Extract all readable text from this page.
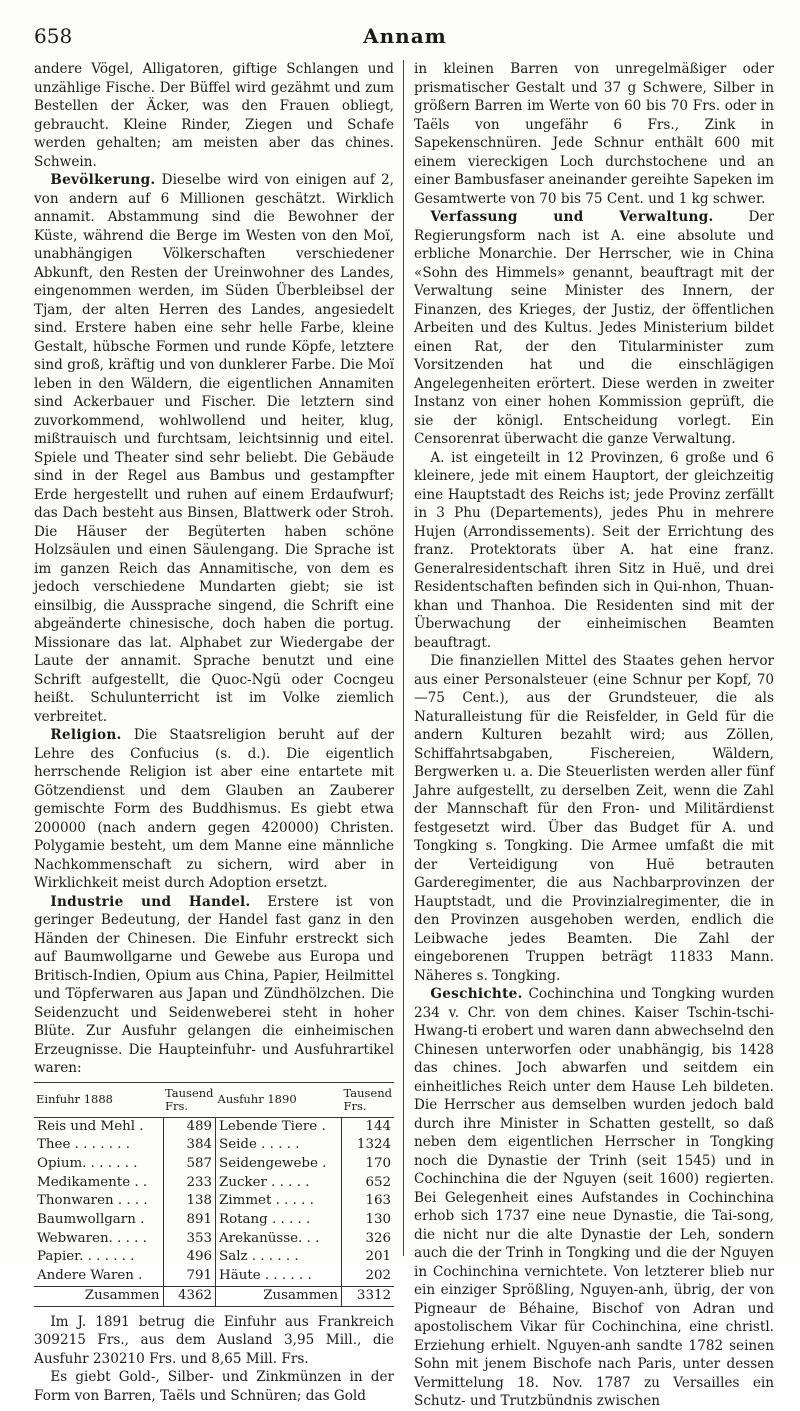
658	Annam

andere Vögel, Alligatoren, giftige Schlangen und unzählige Fische. Der Büffel wird gezähmt und zum Bestellen der Äcker, was den Frauen obliegt, gebraucht. Kleine Rinder, Ziegen und Schafe werden gehalten; am meisten aber das chines. Schwein.

Bevölkerung. Dieselbe wird von einigen auf 2, von andern auf 6 Millionen geschätzt. Wirklich annamit. Abstammung sind die Bewohner der Küste, während die Berge im Westen von den Moï, unabhängigen Völkerschaften verschiedener Abkunft, den Resten der Ureinwohner des Landes, eingenommen werden, im Süden Überbleibsel der Tjam, der alten Herren des Landes, angesiedelt sind. Erstere haben eine sehr helle Farbe, kleine Gestalt, hübsche Formen und runde Köpfe, letztere sind groß, kräftig und von dunklerer Farbe. Die Moï leben in den Wäldern, die eigentlichen Annamiten sind Ackerbauer und Fischer. Die letztern sind zuvorkommend, wohlwollend und heiter, klug, mißtrauisch und furchtsam, leichtsinnig und eitel. Spiele und Theater sind sehr beliebt. Die Gebäude sind in der Regel aus Bambus und gestampfter Erde hergestellt und ruhen auf einem Erdaufwurf; das Dach besteht aus Binsen, Blattwerk oder Stroh. Die Häuser der Begüterten haben schöne Holzsäulen und einen Säulengang. Die Sprache ist im ganzen Reich das Annamitische, von dem es jedoch verschiedene Mundarten giebt; sie ist einsilbig, die Aussprache singend, die Schrift eine abgeänderte chinesische, doch haben die portug. Missionare das lat. Alphabet zur Wiedergabe der Laute der annamit. Sprache benutzt und eine Schrift aufgestellt, die Quoc-Ngü oder Cocngeu heißt. Schulunterricht ist im Volke ziemlich verbreitet.

Religion. Die Staatsreligion beruht auf der Lehre des Confucius (s. d.). Die eigentlich herrschende Religion ist aber eine entartete mit Götzendienst und dem Glauben an Zauberer gemischte Form des Buddhismus. Es giebt etwa 200000 (nach andern gegen 420000) Christen. Polygamie besteht, um dem Manne eine männliche Nachkommenschaft zu sichern, wird aber in Wirklichkeit meist durch Adoption ersetzt.

Industrie und Handel. Erstere ist von geringer Bedeutung, der Handel fast ganz in den Händen der Chinesen. Die Einfuhr erstreckt sich auf Baumwollgarne und Gewebe aus Europa und Britisch-Indien, Opium aus China, Papier, Heilmittel und Töpferwaren aus Japan und Zündhölzchen. Die Seidenzucht und Seidenweberei steht in hoher Blüte. Zur Ausfuhr gelangen die einheimischen Erzeugnisse. Die Haupteinfuhr- und Ausfuhrartikel waren:

Einfuhr 1888	Tausend Frs.	Ausfuhr 1890	Tausend Frs.
Reis und Mehl .	489	Lebende Tiere .	144
Thee . . . . . . .	384	Seide . . . . .	1324
Opium. . . . . . .	587	Seidengewebe .	170
Medikamente . .	233	Zucker . . . . .	652
Thonwaren . . . .	138	Zimmet . . . . .	163
Baumwollgarn .	891	Rotang . . . . .	130
Webwaren. . . . .	353	Arekanüsse. . .	326
Papier. . . . . . .	496	Salz . . . . . .	201
Andere Waren .	791	Häute . . . . . .	202
Zusammen	4362	Zusammen	3312

Im J. 1891 betrug die Einfuhr aus Frankreich 309215 Frs., aus dem Ausland 3,95 Mill., die Ausfuhr 230210 Frs. und 8,65 Mill. Frs.

Es giebt Gold-, Silber- und Zinkmünzen in der Form von Barren, Taëls und Schnüren; das Gold

in kleinen Barren von unregelmäßiger oder prismatischer Gestalt und 37 g Schwere, Silber in größern Barren im Werte von 60 bis 70 Frs. oder in Taëls von ungefähr 6 Frs., Zink in Sapekenschnüren. Jede Schnur enthält 600 mit einem viereckigen Loch durchstochene und an einer Bambusfaser aneinander gereihte Sapeken im Gesamtwerte von 70 bis 75 Cent. und 1 kg schwer.

Verfassung und Verwaltung. Der Regierungsform nach ist A. eine absolute und erbliche Monarchie. Der Herrscher, wie in China «Sohn des Himmels» genannt, beauftragt mit der Verwaltung seine Minister des Innern, der Finanzen, des Krieges, der Justiz, der öffentlichen Arbeiten und des Kultus. Jedes Ministerium bildet einen Rat, der den Titularminister zum Vorsitzenden hat und die einschlägigen Angelegenheiten erörtert. Diese werden in zweiter Instanz von einer hohen Kommission geprüft, die sie der königl. Entscheidung vorlegt. Ein Censorenrat überwacht die ganze Verwaltung.

A. ist eingeteilt in 12 Provinzen, 6 große und 6 kleinere, jede mit einem Hauptort, der gleichzeitig eine Hauptstadt des Reichs ist; jede Provinz zerfällt in 3 Phu (Departements), jedes Phu in mehrere Hujen (Arrondissements). Seit der Errichtung des franz. Protektorats über A. hat eine franz. Generalresidentschaft ihren Sitz in Huë, und drei Residentschaften befinden sich in Qui-nhon, Thuan-khan und Thanhoa. Die Residenten sind mit der Überwachung der einheimischen Beamten beauftragt.

Die finanziellen Mittel des Staates gehen hervor aus einer Personalsteuer (eine Schnur per Kopf, 70—75 Cent.), aus der Grundsteuer, die als Naturalleistung für die Reisfelder, in Geld für die andern Kulturen bezahlt wird; aus Zöllen, Schiffahrtsabgaben, Fischereien, Wäldern, Bergwerken u. a. Die Steuerlisten werden aller fünf Jahre aufgestellt, zu derselben Zeit, wenn die Zahl der Mannschaft für den Fron- und Militärdienst festgesetzt wird. Über das Budget für A. und Tongking s. Tongking. Die Armee umfaßt die mit der Verteidigung von Huë betrauten Garderegimenter, die aus Nachbarprovinzen der Hauptstadt, und die Provinzialregimenter, die in den Provinzen ausgehoben werden, endlich die Leibwache jedes Beamten. Die Zahl der eingeborenen Truppen beträgt 11833 Mann. Näheres s. Tongking.

Geschichte. Cochinchina und Tongking wurden 234 v. Chr. von dem chines. Kaiser Tschin-tschi-Hwang-ti erobert und waren dann abwechselnd den Chinesen unterworfen oder unabhängig, bis 1428 das chines. Joch abwarfen und seitdem ein einheitliches Reich unter dem Hause Leh bildeten. Die Herrscher aus demselben wurden jedoch bald durch ihre Minister in Schatten gestellt, so daß neben dem eigentlichen Herrscher in Tongking noch die Dynastie der Trinh (seit 1545) und in Cochinchina die der Nguyen (seit 1600) regierten. Bei Gelegenheit eines Aufstandes in Cochinchina erhob sich 1737 eine neue Dynastie, die Tai-song, die nicht nur die alte Dynastie der Leh, sondern auch die der Trinh in Tongking und die der Nguyen in Cochinchina vernichtete. Von letzterer blieb nur ein einziger Sprößling, Nguyen-anh, übrig, der von Pigneaur de Béhaine, Bischof von Adran und apostolischem Vikar für Cochinchina, eine christl. Erziehung erhielt. Nguyen-anh sandte 1782 seinen Sohn mit jenem Bischofe nach Paris, unter dessen Vermittelung 18. Nov. 1787 zu Versailles ein Schutz- und Trutzbündnis zwischen
